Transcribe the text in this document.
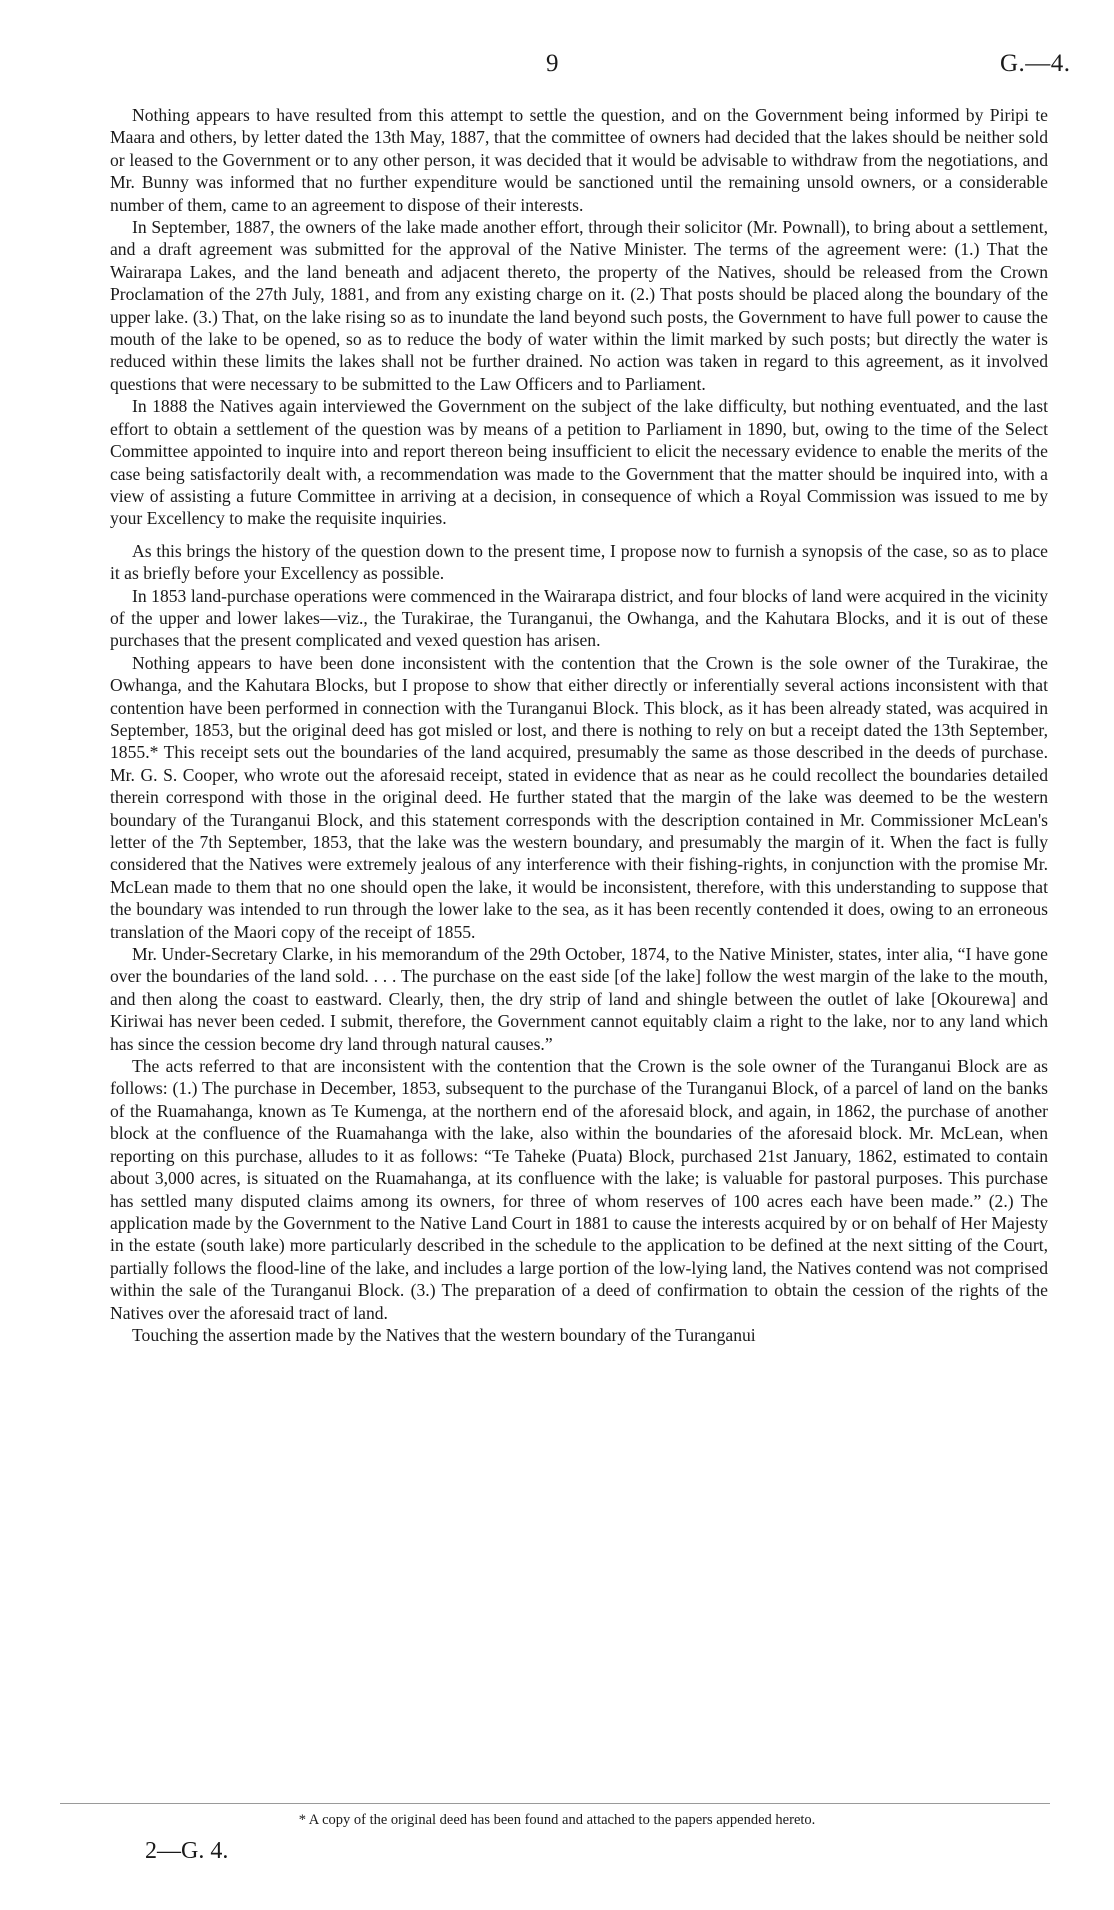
9	G.—4.

Nothing appears to have resulted from this attempt to settle the question, and on the Government being informed by Piripi te Maara and others, by letter dated the 13th May, 1887, that the committee of owners had decided that the lakes should be neither sold or leased to the Government or to any other person, it was decided that it would be advisable to withdraw from the negotiations, and Mr. Bunny was informed that no further expenditure would be sanctioned until the remaining unsold owners, or a considerable number of them, came to an agreement to dispose of their interests.

In September, 1887, the owners of the lake made another effort, through their solicitor (Mr. Pownall), to bring about a settlement, and a draft agreement was submitted for the approval of the Native Minister. The terms of the agreement were: (1.) That the Wairarapa Lakes, and the land beneath and adjacent thereto, the property of the Natives, should be released from the Crown Proclamation of the 27th July, 1881, and from any existing charge on it. (2.) That posts should be placed along the boundary of the upper lake. (3.) That, on the lake rising so as to inundate the land beyond such posts, the Government to have full power to cause the mouth of the lake to be opened, so as to reduce the body of water within the limit marked by such posts; but directly the water is reduced within these limits the lakes shall not be further drained. No action was taken in regard to this agreement, as it involved questions that were necessary to be submitted to the Law Officers and to Parliament.

In 1888 the Natives again interviewed the Government on the subject of the lake difficulty, but nothing eventuated, and the last effort to obtain a settlement of the question was by means of a petition to Parliament in 1890, but, owing to the time of the Select Committee appointed to inquire into and report thereon being insufficient to elicit the necessary evidence to enable the merits of the case being satisfactorily dealt with, a recommendation was made to the Government that the matter should be inquired into, with a view of assisting a future Committee in arriving at a decision, in consequence of which a Royal Commission was issued to me by your Excellency to make the requisite inquiries.

As this brings the history of the question down to the present time, I propose now to furnish a synopsis of the case, so as to place it as briefly before your Excellency as possible.

In 1853 land-purchase operations were commenced in the Wairarapa district, and four blocks of land were acquired in the vicinity of the upper and lower lakes—viz., the Turakirae, the Turanganui, the Owhanga, and the Kahutara Blocks, and it is out of these purchases that the present complicated and vexed question has arisen.

Nothing appears to have been done inconsistent with the contention that the Crown is the sole owner of the Turakirae, the Owhanga, and the Kahutara Blocks, but I propose to show that either directly or inferentially several actions inconsistent with that contention have been performed in connection with the Turanganui Block. This block, as it has been already stated, was acquired in September, 1853, but the original deed has got misled or lost, and there is nothing to rely on but a receipt dated the 13th September, 1855.* This receipt sets out the boundaries of the land acquired, presumably the same as those described in the deeds of purchase. Mr. G. S. Cooper, who wrote out the aforesaid receipt, stated in evidence that as near as he could recollect the boundaries detailed therein correspond with those in the original deed. He further stated that the margin of the lake was deemed to be the western boundary of the Turanganui Block, and this statement corresponds with the description contained in Mr. Commissioner McLean's letter of the 7th September, 1853, that the lake was the western boundary, and presumably the margin of it. When the fact is fully considered that the Natives were extremely jealous of any interference with their fishing-rights, in conjunction with the promise Mr. McLean made to them that no one should open the lake, it would be inconsistent, therefore, with this understanding to suppose that the boundary was intended to run through the lower lake to the sea, as it has been recently contended it does, owing to an erroneous translation of the Maori copy of the receipt of 1855.

Mr. Under-Secretary Clarke, in his memorandum of the 29th October, 1874, to the Native Minister, states, inter alia, “I have gone over the boundaries of the land sold. . . . The purchase on the east side [of the lake] follow the west margin of the lake to the mouth, and then along the coast to eastward. Clearly, then, the dry strip of land and shingle between the outlet of lake [Okourewa] and Kiriwai has never been ceded. I submit, therefore, the Government cannot equitably claim a right to the lake, nor to any land which has since the cession become dry land through natural causes.”

The acts referred to that are inconsistent with the contention that the Crown is the sole owner of the Turanganui Block are as follows: (1.) The purchase in December, 1853, subsequent to the purchase of the Turanganui Block, of a parcel of land on the banks of the Ruamahanga, known as Te Kumenga, at the northern end of the aforesaid block, and again, in 1862, the purchase of another block at the confluence of the Ruamahanga with the lake, also within the boundaries of the aforesaid block. Mr. McLean, when reporting on this purchase, alludes to it as follows: “Te Taheke (Puata) Block, purchased 21st January, 1862, estimated to contain about 3,000 acres, is situated on the Ruamahanga, at its confluence with the lake; is valuable for pastoral purposes. This purchase has settled many disputed claims among its owners, for three of whom reserves of 100 acres each have been made.” (2.) The application made by the Government to the Native Land Court in 1881 to cause the interests acquired by or on behalf of Her Majesty in the estate (south lake) more particularly described in the schedule to the application to be defined at the next sitting of the Court, partially follows the flood-line of the lake, and includes a large portion of the low-lying land, the Natives contend was not comprised within the sale of the Turanganui Block. (3.) The preparation of a deed of confirmation to obtain the cession of the rights of the Natives over the aforesaid tract of land.

Touching the assertion made by the Natives that the western boundary of the Turanganui

* A copy of the original deed has been found and attached to the papers appended hereto.
2—G. 4.
